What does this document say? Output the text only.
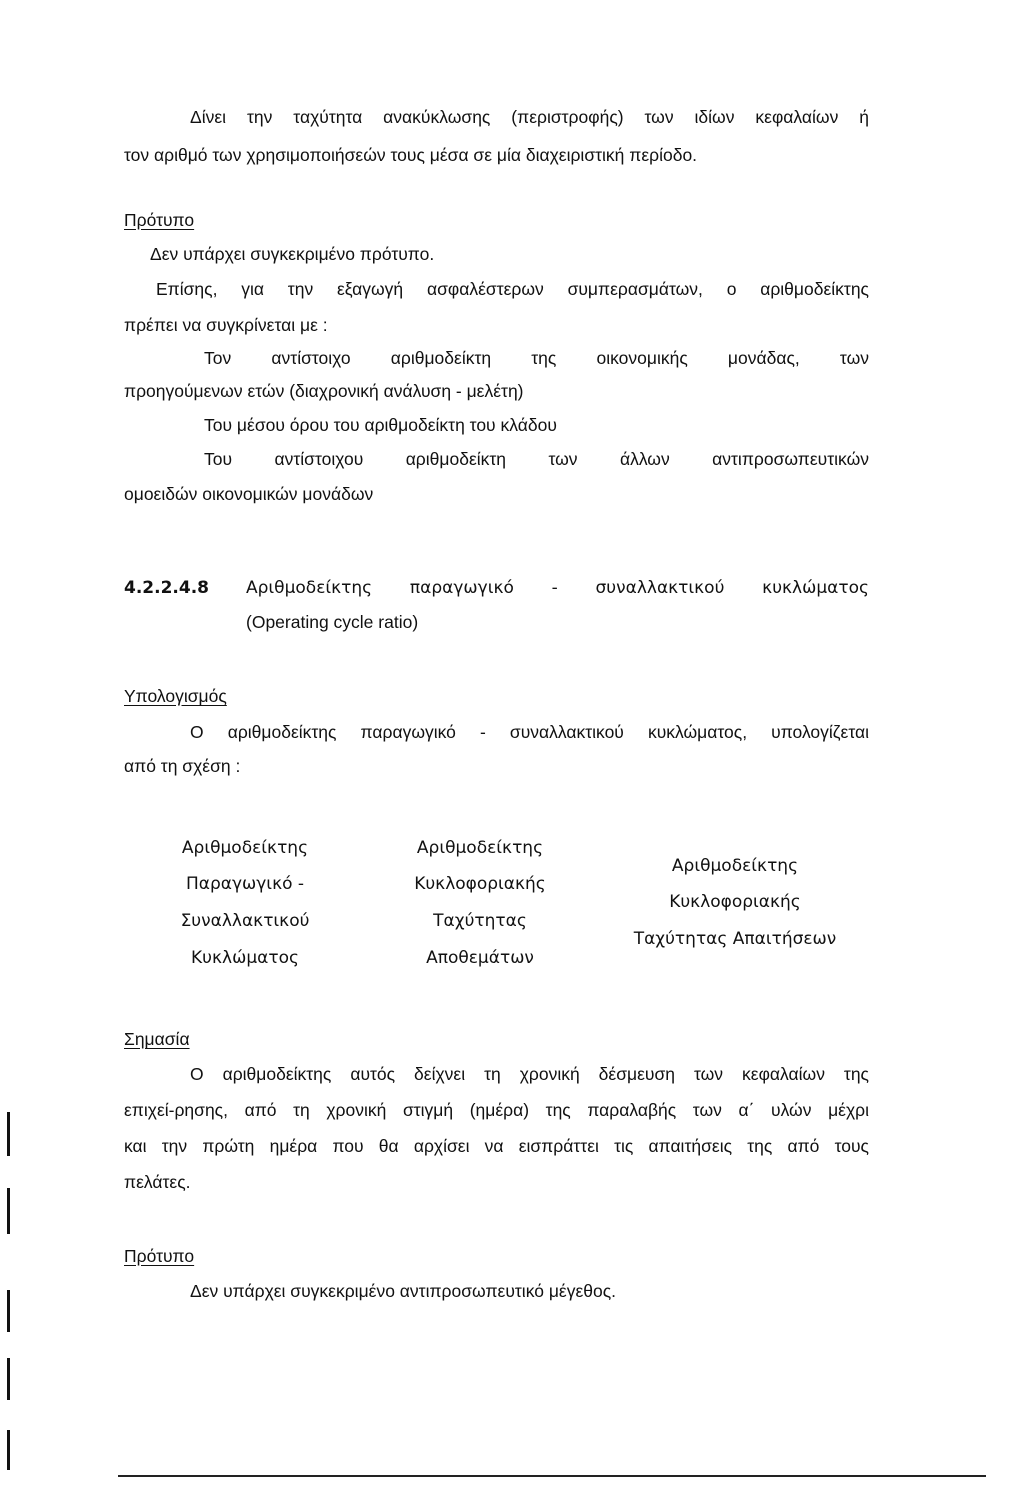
Δίνει την ταχύτητα ανακύκλωσης (περιστροφής) των ιδίων κεφαλαίων ή
τον αριθμό των χρησιμοποιήσεών τους μέσα σε μία διαχειριστική περίοδο.
Πρότυπο
Δεν υπάρχει συγκεκριμένο πρότυπο.
Επίσης, για την εξαγωγή ασφαλέστερων συμπερασμάτων, ο αριθμοδείκτης
πρέπει να συγκρίνεται με :
Τον αντίστοιχο αριθμοδείκτη της οικονομικής μονάδας, των
προηγούμενων ετών (διαχρονική ανάλυση - μελέτη)
Του μέσου όρου του αριθμοδείκτη του κλάδου
Του αντίστοιχου αριθμοδείκτη των άλλων αντιπροσωπευτικών
ομοειδών οικονομικών μονάδων
4.2.2.4.8 Αριθμοδείκτης παραγωγικό - συναλλακτικού κυκλώματος
(Operating cycle ratio)
Υπολογισμός
Ο αριθμοδείκτης παραγωγικό - συναλλακτικού κυκλώματος, υπολογίζεται
από τη σχέση :
Αριθμοδείκτης
Παραγωγικό -
Συναλλακτικού
Κυκλώματος
Αριθμοδείκτης
Κυκλοφοριακής
Ταχύτητας
Αποθεμάτων
Αριθμοδείκτης
Κυκλοφοριακής
Ταχύτητας Απαιτήσεων
Σημασία
Ο αριθμοδείκτης αυτός δείχνει τη χρονική δέσμευση των κεφαλαίων της
επιχεί-ρησης, από τη χρονική στιγμή (ημέρα) της παραλαβής των α΄ υλών μέχρι
και την πρώτη ημέρα που θα αρχίσει να εισπράττει τις απαιτήσεις της από τους
πελάτες.
Πρότυπο
Δεν υπάρχει συγκεκριμένο αντιπροσωπευτικό μέγεθος.
